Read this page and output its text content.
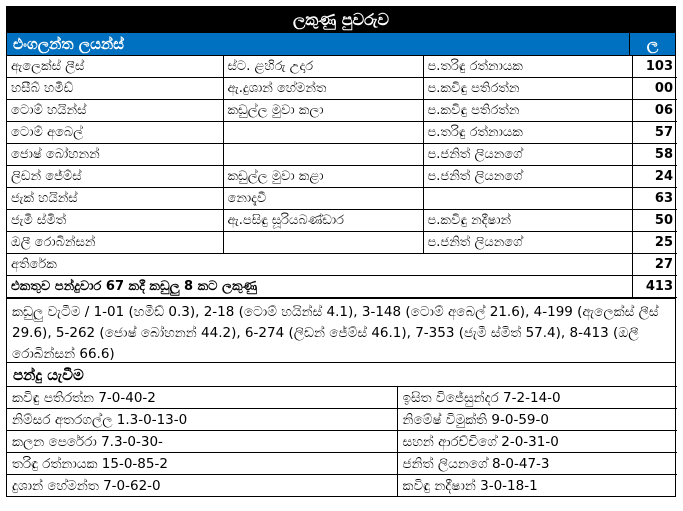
ලකුණු පුවරුව
එංගලන්ත ලයන්ස්	ල
ඇලෙක්ස් ලීස්	ස්ට. ළහිරු උදාර	ප.තරිඳු රත්නායක	103
හසීබ් හමීඩ්	ඇ.දුශාන් හේමන්ත	ප.කවිඳු පතිරත්න	00
ටොම් හයින්ස්	කඩුල්ල මුවා කලා	ප.කවිඳු පතිරත්න	06
ටොම් අබෙල්		ප.තරිඳු රත්නායක	57
ජොෂ් බෝහනන්		ප.ජනිත් ලියනගේ	58
ලිඩන් ජේම්ස්	කඩුල්ල මුවා කළා	ප.ජනිත් ලියනගේ	24
ජැක් හයින්ස්	නොදැවී		63
ජැමී ස්මිත්	ඇ.පසිඳු සූරියබණ්ඩාර	ප.කවිඳු නදීෂාන්	50
ඔලී රොබින්සන්		ප.ජනිත් ලියනගේ	25
අතිරේක			27
එකතුව පන්දුවාර 67 කදී කඩුලු 8 කට ලකුණු			413
කඩුලු වැටීම / 1-01 (හමීඩ් 0.3), 2-18 (ටොම් හයින්ස් 4.1), 3-148 (ටොම් අබෙල් 21.6), 4-199 (ඇලෙක්ස් ලීස් 29.6), 5-262 (ජොෂ් බෝහනන් 44.2), 6-274 (ලිඩන් ජේම්ස් 46.1), 7-353 (ජැමී ස්මිත් 57.4), 8-413 (ඔලී රොබින්සන් 66.6)
පන්දු යැවීම
කවිඳු පතිරත්න 7-0-40-2	ඉසිත විජේසුන්දර 7-2-14-0
නිම්සර අතරගල්ල 1.3-0-13-0	නිමේෂ් විමුක්ති 9-0-59-0
කලන පෙරේරා 7.3-0-30-	සහන් ආරච්චිගේ 2-0-31-0
තරිඳු රත්නායක 15-0-85-2	ජනිත් ලියනගේ 8-0-47-3
දුශාන් හේමන්ත 7-0-62-0	කවිඳු නදීෂාන් 3-0-18-1
